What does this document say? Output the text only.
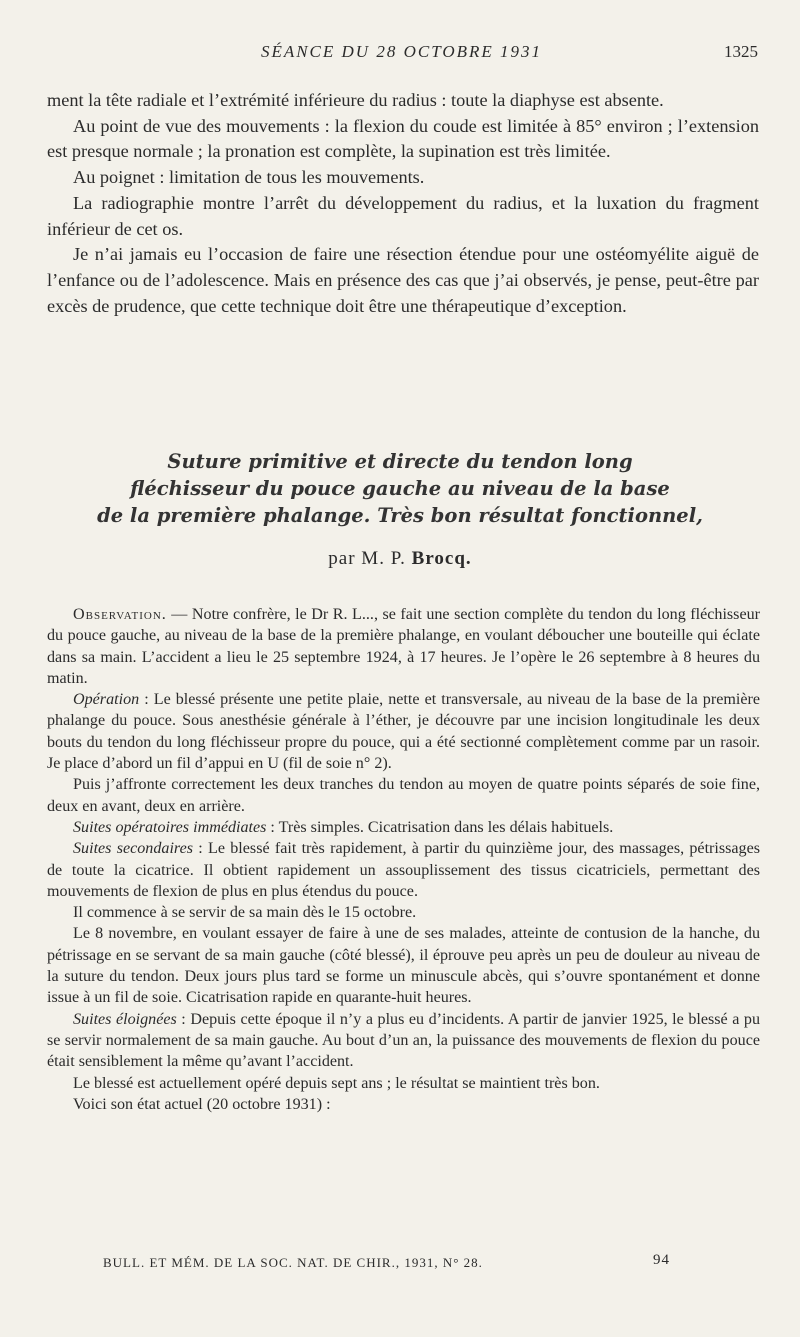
SÉANCE DU 28 OCTOBRE 1931	1325

ment la tête radiale et l’extrémité inférieure du radius : toute la diaphyse est absente.

Au point de vue des mouvements : la flexion du coude est limitée à 85° environ ; l’extension est presque normale ; la pronation est complète, la supination est très limitée.

Au poignet : limitation de tous les mouvements.

La radiographie montre l’arrêt du développement du radius, et la luxation du fragment inférieur de cet os.

Je n’ai jamais eu l’occasion de faire une résection étendue pour une ostéomyélite aiguë de l’enfance ou de l’adolescence. Mais en présence des cas que j’ai observés, je pense, peut-être par excès de prudence, que cette technique doit être une thérapeutique d’exception.

Suture primitive et directe du tendon long
fléchisseur du pouce gauche au niveau de la base
de la première phalange. Très bon résultat fonctionnel,
par M. P. Brocq.

Observation. — Notre confrère, le Dr R. L..., se fait une section complète du tendon du long fléchisseur du pouce gauche, au niveau de la base de la première phalange, en voulant déboucher une bouteille qui éclate dans sa main. L’accident a lieu le 25 septembre 1924, à 17 heures. Je l’opère le 26 septembre à 8 heures du matin.

Opération : Le blessé présente une petite plaie, nette et transversale, au niveau de la base de la première phalange du pouce. Sous anesthésie générale à l’éther, je découvre par une incision longitudinale les deux bouts du tendon du long fléchisseur propre du pouce, qui a été sectionné complètement comme par un rasoir. Je place d’abord un fil d’appui en U (fil de soie n° 2).

Puis j’affronte correctement les deux tranches du tendon au moyen de quatre points séparés de soie fine, deux en avant, deux en arrière.

Suites opératoires immédiates : Très simples. Cicatrisation dans les délais habituels.

Suites secondaires : Le blessé fait très rapidement, à partir du quinzième jour, des massages, pétrissages de toute la cicatrice. Il obtient rapidement un assouplissement des tissus cicatriciels, permettant des mouvements de flexion de plus en plus étendus du pouce.

Il commence à se servir de sa main dès le 15 octobre.

Le 8 novembre, en voulant essayer de faire à une de ses malades, atteinte de contusion de la hanche, du pétrissage en se servant de sa main gauche (côté blessé), il éprouve peu après un peu de douleur au niveau de la suture du tendon. Deux jours plus tard se forme un minuscule abcès, qui s’ouvre spontanément et donne issue à un fil de soie. Cicatrisation rapide en quarante-huit heures.

Suites éloignées : Depuis cette époque il n’y a plus eu d’incidents. A partir de janvier 1925, le blessé a pu se servir normalement de sa main gauche. Au bout d’un an, la puissance des mouvements de flexion du pouce était sensiblement la même qu’avant l’accident.

Le blessé est actuellement opéré depuis sept ans ; le résultat se maintient très bon.

Voici son état actuel (20 octobre 1931) :

BULL. ET MÉM. DE LA SOC. NAT. DE CHIR., 1931, N° 28.	94
